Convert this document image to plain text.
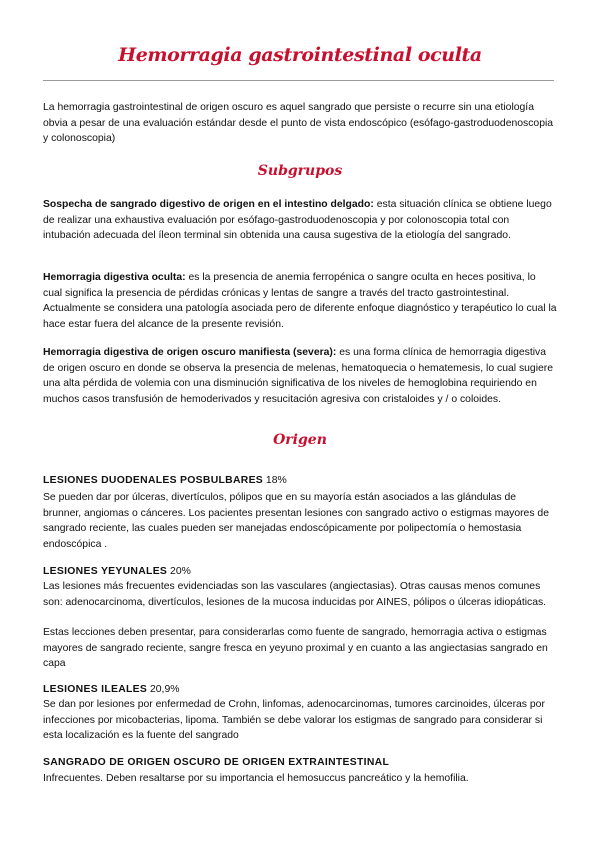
Hemorragia gastrointestinal oculta

La hemorragia gastrointestinal de origen oscuro es aquel sangrado que persiste o recurre sin una etiología obvia a pesar de una evaluación estándar desde el punto de vista endoscópico (esófago-gastroduodenoscopia y colonoscopia)

Subgrupos

Sospecha de sangrado digestivo de origen en el intestino delgado: esta situación clínica se obtiene luego de realizar una exhaustiva evaluación por esófago-gastroduodenoscopia y por colonoscopia total con intubación adecuada del íleon terminal sin obtenida una causa sugestiva de la etiología del sangrado.

Hemorragia digestiva oculta: es la presencia de anemia ferropénica o sangre oculta en heces positiva, lo cual significa la presencia de pérdidas crónicas y lentas de sangre a través del tracto gastrointestinal. Actualmente se considera una patología asociada pero de diferente enfoque diagnóstico y terapéutico lo cual la hace estar fuera del alcance de la presente revisión.

Hemorragia digestiva de origen oscuro manifiesta (severa): es una forma clínica de hemorragia digestiva de origen oscuro en donde se observa la presencia de melenas, hematoquecia o hematemesis, lo cual sugiere una alta pérdida de volemia con una disminución significativa de los niveles de hemoglobina requiriendo en muchos casos transfusión de hemoderivados y resucitación agresiva con cristaloides y / o coloides.

Origen

LESIONES DUODENALES POSBULBARES 18%

Se pueden dar por úlceras, divertículos, pólipos que en su mayoría están asociados a las glándulas de brunner, angiomas o cánceres. Los pacientes presentan lesiones con sangrado activo o estigmas mayores de sangrado reciente, las cuales pueden ser manejadas endoscópicamente por polipectomía o hemostasia endoscópica .

LESIONES YEYUNALES 20%

Las lesiones más frecuentes evidenciadas son las vasculares (angiectasias). Otras causas menos comunes son: adenocarcinoma, divertículos, lesiones de la mucosa inducidas por AINES, pólipos o úlceras idiopáticas.

Estas lecciones deben presentar, para considerarlas como fuente de sangrado, hemorragia activa o estigmas mayores de sangrado reciente, sangre fresca en yeyuno proximal y en cuanto a las angiectasias sangrado en capa

LESIONES ILEALES 20,9%

Se dan por lesiones por enfermedad de Crohn, linfomas, adenocarcinomas, tumores carcinoides, úlceras por infecciones por micobacterias, lipoma. También se debe valorar los estigmas de sangrado para considerar si esta localización es la fuente del sangrado

SANGRADO DE ORIGEN OSCURO DE ORIGEN EXTRAINTESTINAL

Infrecuentes. Deben resaltarse por su importancia el hemosuccus pancreático y la hemofilia.
